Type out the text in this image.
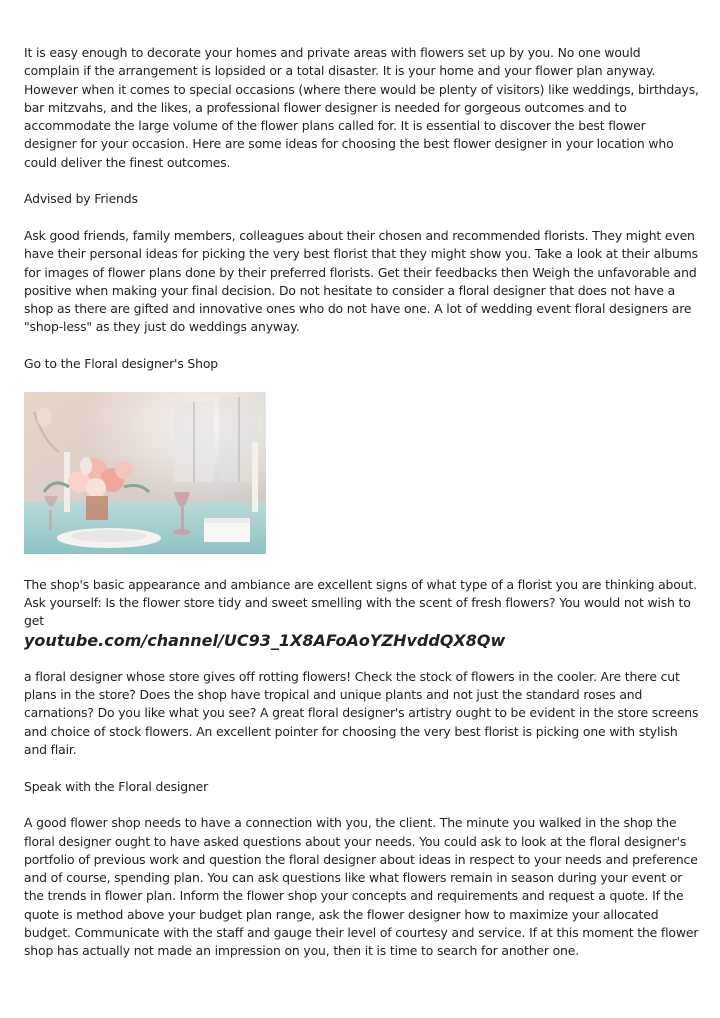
It is easy enough to decorate your homes and private areas with flowers set up by you. No one would complain if the arrangement is lopsided or a total disaster. It is your home and your flower plan anyway. However when it comes to special occasions (where there would be plenty of visitors) like weddings, birthdays, bar mitzvahs, and the likes, a professional flower designer is needed for gorgeous outcomes and to accommodate the large volume of the flower plans called for. It is essential to discover the best flower designer for your occasion. Here are some ideas for choosing the best flower designer in your location who could deliver the finest outcomes.

Advised by Friends

Ask good friends, family members, colleagues about their chosen and recommended florists. They might even have their personal ideas for picking the very best florist that they might show you. Take a look at their albums for images of flower plans done by their preferred florists. Get their feedbacks then Weigh the unfavorable and positive when making your final decision. Do not hesitate to consider a floral designer that does not have a shop as there are gifted and innovative ones who do not have one. A lot of wedding event floral designers are "shop-less" as they just do weddings anyway.

Go to the Floral designer's Shop

The shop's basic appearance and ambiance are excellent signs of what type of a florist you are thinking about. Ask yourself: Is the flower store tidy and sweet smelling with the scent of fresh flowers? You would not wish to get

youtube.com/channel/UC93_1X8AFoAoYZHvddQX8Qw

a floral designer whose store gives off rotting flowers! Check the stock of flowers in the cooler. Are there cut plans in the store? Does the shop have tropical and unique plants and not just the standard roses and carnations? Do you like what you see? A great floral designer's artistry ought to be evident in the store screens and choice of stock flowers. An excellent pointer for choosing the very best florist is picking one with stylish and flair.

Speak with the Floral designer

A good flower shop needs to have a connection with you, the client. The minute you walked in the shop the floral designer ought to have asked questions about your needs. You could ask to look at the floral designer's portfolio of previous work and question the floral designer about ideas in respect to your needs and preference and of course, spending plan. You can ask questions like what flowers remain in season during your event or the trends in flower plan. Inform the flower shop your concepts and requirements and request a quote. If the quote is method above your budget plan range, ask the flower designer how to maximize your allocated budget. Communicate with the staff and gauge their level of courtesy and service. If at this moment the flower shop has actually not made an impression on you, then it is time to search for another one.
